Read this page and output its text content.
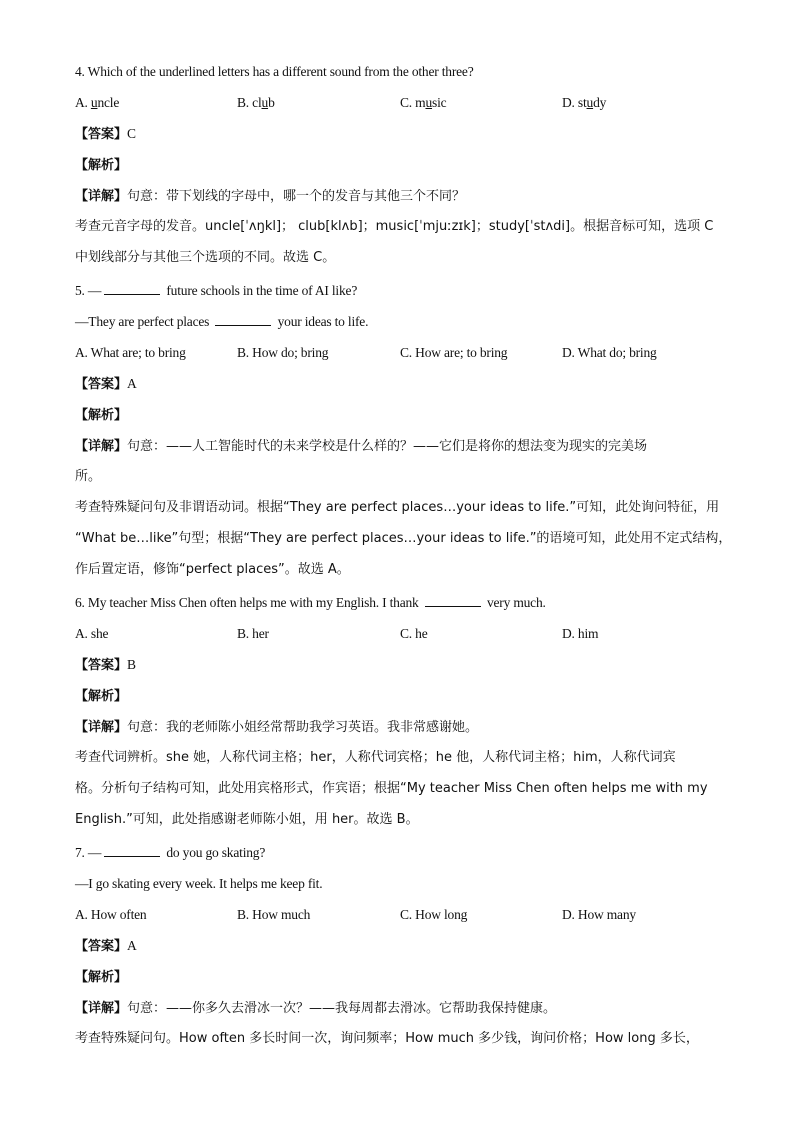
4. Which of the underlined letters has a different sound from the other three?
A. uncle	B. club	C. music	D. study
【答案】C
【解析】
【详解】句意：带下划线的字母中，哪一个的发音与其他三个不同？
考查元音字母的发音。uncle[ˈʌŋkl]； club[klʌb]；music[ˈmjuːzɪk]；study[ˈstʌdi]。根据音标可知，选项 C
中划线部分与其他三个选项的不同。故选 C。
5. —	future schools in the time of AI like?
—They are perfect places	your ideas to life.
A. What are; to bring	B. How do; bring	C. How are; to bring	D. What do; bring
【答案】A
【解析】
【详解】句意：——人工智能时代的未来学校是什么样的？——它们是将你的想法变为现实的完美场
所。
考查特殊疑问句及非谓语动词。根据“They are perfect places…your ideas to life.”可知，此处询问特征，用
“What be…like”句型；根据“They are perfect places…your ideas to life.”的语境可知，此处用不定式结构，
作后置定语，修饰“perfect places”。故选 A。
6. My teacher Miss Chen often helps me with my English. I thank	very much.
A. she	B. her	C. he	D. him
【答案】B
【解析】
【详解】句意：我的老师陈小姐经常帮助我学习英语。我非常感谢她。
考查代词辨析。she 她，人称代词主格；her，人称代词宾格；he 他，人称代词主格；him，人称代词宾
格。分析句子结构可知，此处用宾格形式，作宾语；根据“My teacher Miss Chen often helps me with my
English.”可知，此处指感谢老师陈小姐，用 her。故选 B。
7. —	do you go skating?
—I go skating every week. It helps me keep fit.
A. How often	B. How much	C. How long	D. How many
【答案】A
【解析】
【详解】句意：——你多久去滑冰一次？——我每周都去滑冰。它帮助我保持健康。
考查特殊疑问句。How often 多长时间一次，询问频率；How much 多少钱，询问价格；How long 多长，
